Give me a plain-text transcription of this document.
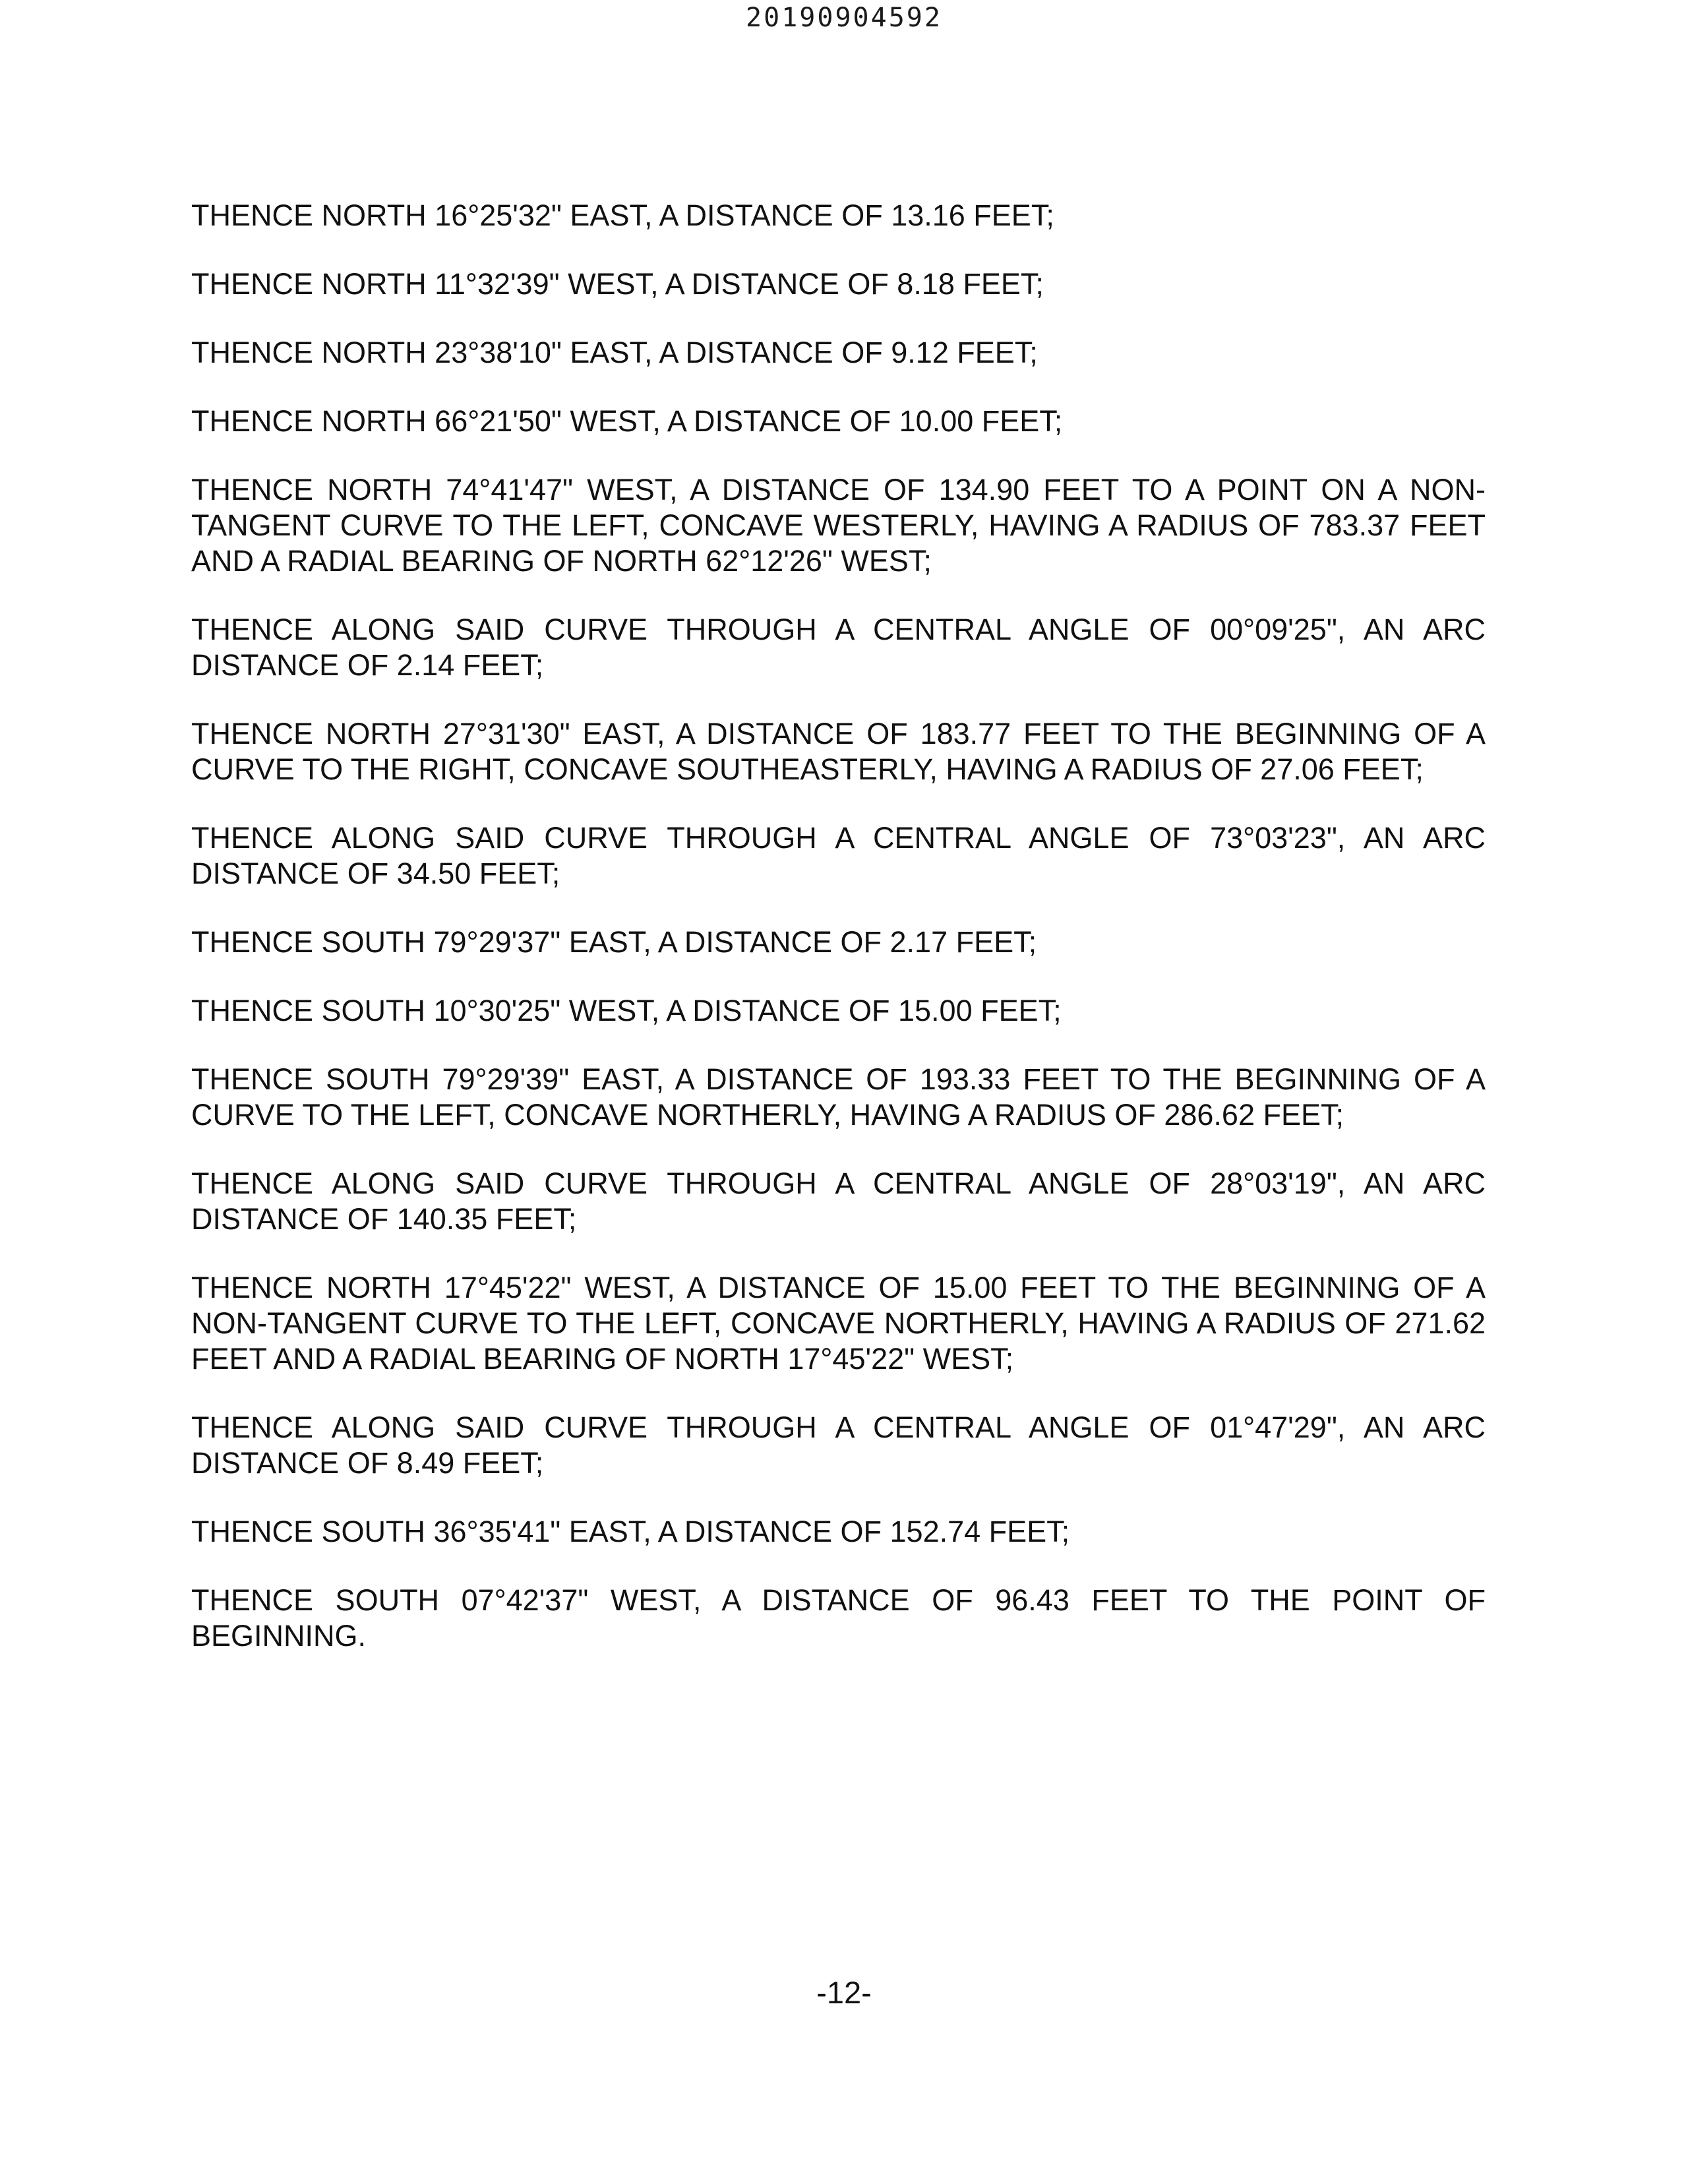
20190904592

THENCE NORTH 16°25'32" EAST, A DISTANCE OF 13.16 FEET;

THENCE NORTH 11°32'39" WEST, A DISTANCE OF 8.18 FEET;

THENCE NORTH 23°38'10" EAST, A DISTANCE OF 9.12 FEET;

THENCE NORTH 66°21'50" WEST, A DISTANCE OF 10.00 FEET;

THENCE NORTH 74°41'47" WEST, A DISTANCE OF 134.90 FEET TO A POINT ON A NON-TANGENT CURVE TO THE LEFT, CONCAVE WESTERLY, HAVING A RADIUS OF 783.37 FEET AND A RADIAL BEARING OF NORTH 62°12'26" WEST;

THENCE ALONG SAID CURVE THROUGH A CENTRAL ANGLE OF 00°09'25", AN ARC DISTANCE OF 2.14 FEET;

THENCE NORTH 27°31'30" EAST, A DISTANCE OF 183.77 FEET TO THE BEGINNING OF A CURVE TO THE RIGHT, CONCAVE SOUTHEASTERLY, HAVING A RADIUS OF 27.06 FEET;

THENCE ALONG SAID CURVE THROUGH A CENTRAL ANGLE OF 73°03'23", AN ARC DISTANCE OF 34.50 FEET;

THENCE SOUTH 79°29'37" EAST, A DISTANCE OF 2.17 FEET;

THENCE SOUTH 10°30'25" WEST, A DISTANCE OF 15.00 FEET;

THENCE SOUTH 79°29'39" EAST, A DISTANCE OF 193.33 FEET TO THE BEGINNING OF A CURVE TO THE LEFT, CONCAVE NORTHERLY, HAVING A RADIUS OF 286.62 FEET;

THENCE ALONG SAID CURVE THROUGH A CENTRAL ANGLE OF 28°03'19", AN ARC DISTANCE OF 140.35 FEET;

THENCE NORTH 17°45'22" WEST, A DISTANCE OF 15.00 FEET TO THE BEGINNING OF A NON-TANGENT CURVE TO THE LEFT, CONCAVE NORTHERLY, HAVING A RADIUS OF 271.62 FEET AND A RADIAL BEARING OF NORTH 17°45'22" WEST;

THENCE ALONG SAID CURVE THROUGH A CENTRAL ANGLE OF 01°47'29", AN ARC DISTANCE OF 8.49 FEET;

THENCE SOUTH 36°35'41" EAST, A DISTANCE OF 152.74 FEET;

THENCE SOUTH 07°42'37" WEST, A DISTANCE OF 96.43 FEET TO THE POINT OF BEGINNING.

-12-
